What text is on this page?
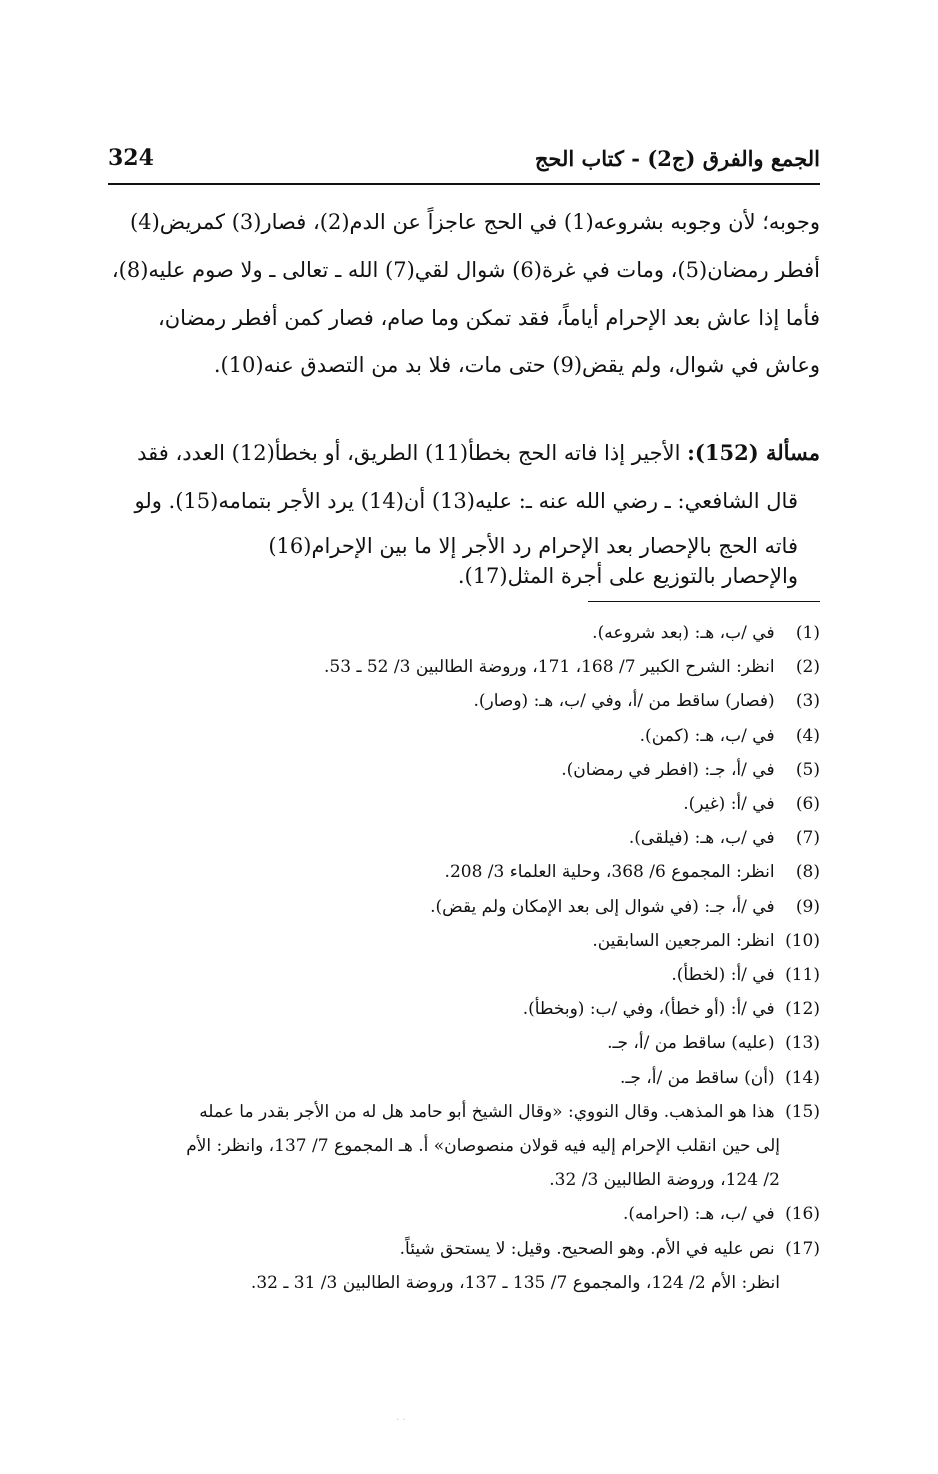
324	الجمع والفرق (ج2) - كتاب الحج
وجوبه؛ لأن وجوبه بشروعه(1) في الحج عاجزاً عن الدم(2)، فصار(3) كمريض(4)
أفطر رمضان(5)، ومات في غرة(6) شوال لقي(7) الله ـ تعالى ـ ولا صوم عليه(8)،
فأما إذا عاش بعد الإحرام أياماً، فقد تمكن وما صام، فصار كمن أفطر رمضان،
وعاش في شوال، ولم يقض(9) حتى مات، فلا بد من التصدق عنه(10).
مسألة (152): الأجير إذا فاته الحج بخطأ(11) الطريق، أو بخطأ(12) العدد، فقد
قال الشافعي: ـ رضي الله عنه ـ: عليه(13) أن(14) يرد الأجر بتمامه(15). ولو
فاته الحج بالإحصار بعد الإحرام رد الأجر إلا ما بين الإحرام(16)
والإحصار بالتوزيع على أجرة المثل(17).
(1) في /ب، هـ: (بعد شروعه).
(2) انظر: الشرح الكبير 7/ 168، 171، وروضة الطالبين 3/ 52 ـ 53.
(3) (فصار) ساقط من /أ، وفي /ب، هـ: (وصار).
(4) في /ب، هـ: (كمن).
(5) في /أ، جـ: (افطر في رمضان).
(6) في /أ: (غير).
(7) في /ب، هـ: (فيلقى).
(8) انظر: المجموع 6/ 368، وحلية العلماء 3/ 208.
(9) في /أ، جـ: (في شوال إلى بعد الإمكان ولم يقض).
(10) انظر: المرجعين السابقين.
(11) في /أ: (لخطأ).
(12) في /أ: (أو خطأ)، وفي /ب: (وبخطأ).
(13) (عليه) ساقط من /أ، جـ.
(14) (أن) ساقط من /أ، جـ.
(15) هذا هو المذهب. وقال النووي: «وقال الشيخ أبو حامد هل له من الأجر بقدر ما عمله
إلى حين انقلب الإحرام إليه فيه قولان منصوصان» أ. هـ المجموع 7/ 137، وانظر: الأم
2/ 124، وروضة الطالبين 3/ 32.
(16) في /ب، هـ: (احرامه).
(17) نص عليه في الأم. وهو الصحيح. وقيل: لا يستحق شيئاً.
انظر: الأم 2/ 124، والمجموع 7/ 135 ـ 137، وروضة الطالبين 3/ 31 ـ 32.
· ·
